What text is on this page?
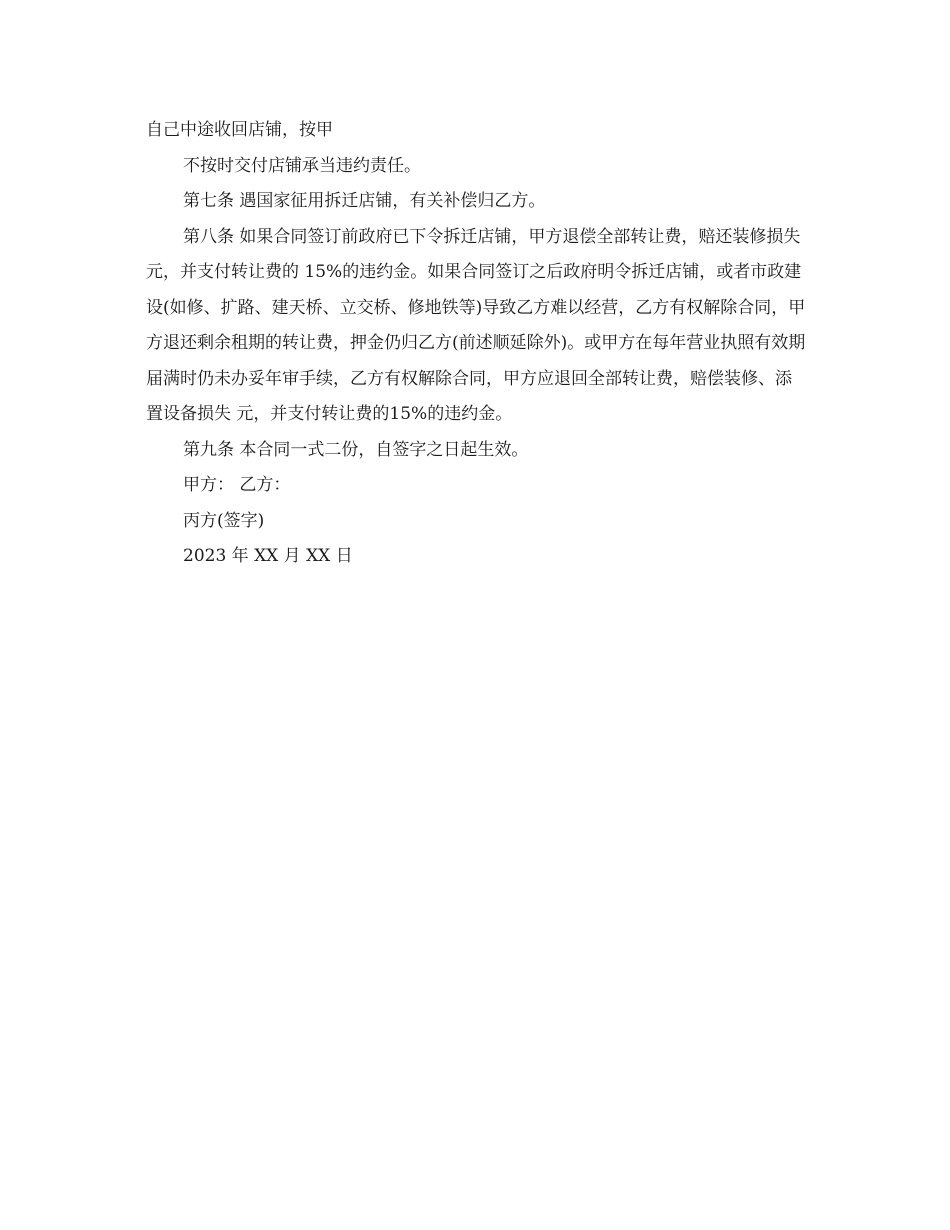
自己中途收回店铺，按甲

不按时交付店铺承当违约责任。

第七条 遇国家征用拆迁店铺，有关补偿归乙方。

第八条 如果合同签订前政府已下令拆迁店铺，甲方退偿全部转让费，赔还装修损失 元，并支付转让费的 15%的违约金。如果合同签订之后政府明令拆迁店铺，或者市政建设(如修、扩路、建天桥、立交桥、修地铁等)导致乙方难以经营，乙方有权解除合同，甲方退还剩余租期的转让费，押金仍归乙方(前述顺延除外)。或甲方在每年营业执照有效期届满时仍未办妥年审手续，乙方有权解除合同，甲方应退回全部转让费，赔偿装修、添置设备损失 元，并支付转让费的15%的违约金。

第九条 本合同一式二份，自签字之日起生效。

甲方： 乙方：

丙方(签字)

2023 年 XX 月 XX 日
